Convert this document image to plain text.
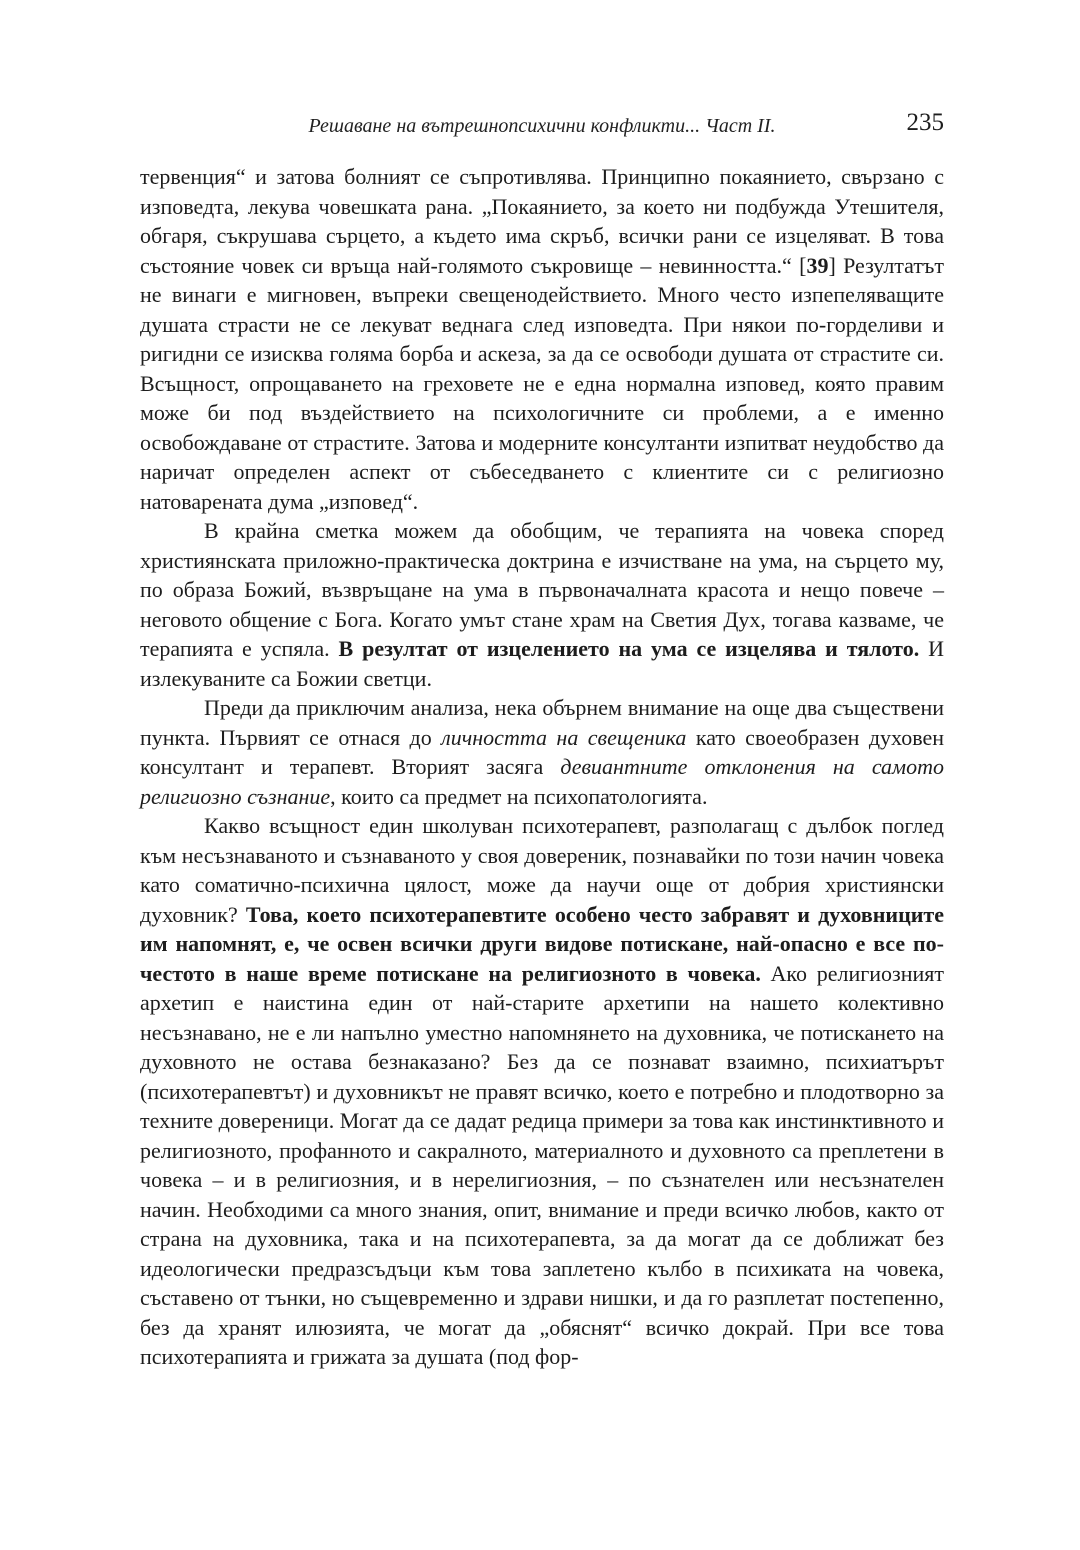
Решаване на вътрешнопсихични конфликти... Част II.	235

тервенция“ и затова болният се съпротивлява. Принципно покаянието, свързано с изповедта, лекува човешката рана. „Покаянието, за което ни подбужда Утешителя, обгаря, съкрушава сърцето, а където има скръб, всички рани се изцеляват. В това състояние човек си връща най-голямото съкровище – невинността.“ [39] Резултатът не винаги е мигновен, въпреки свещенодействието. Много често изпепеляващите душата страсти не се лекуват веднага след изповедта. При някои по-горделиви и ригидни се изисква голяма борба и аскеза, за да се освободи душата от страстите си. Всъщност, опрощаването на греховете не е една нормална изповед, която правим може би под въздействието на психологичните си проблеми, а е именно освобождаване от страстите. Затова и модерните консултанти изпитват неудобство да наричат определен аспект от събеседването с клиентите си с религиозно натоварената дума „изповед“.

В крайна сметка можем да обобщим, че терапията на човека според християнската приложно-практическа доктрина е изчистване на ума, на сърцето му, по образа Божий, възвръщане на ума в първоначалната красота и нещо повече – неговото общение с Бога. Когато умът стане храм на Светия Дух, тогава казваме, че терапията е успяла. В резултат от изцелението на ума се изцелява и тялото. И излекуваните са Божии светци.

Преди да приключим анализа, нека обърнем внимание на още два съществени пункта. Първият се отнася до личността на свещеника като своеобразен духовен консултант и терапевт. Вторият засяга девиантните отклонения на самото религиозно съзнание, които са предмет на психопатологията.

Какво всъщност един школуван психотерапевт, разполагащ с дълбок поглед към несъзнаваното и съзнаваното у своя довереник, познавайки по този начин човека като соматично-психична цялост, може да научи още от добрия християнски духовник? Това, което психотерапевтите особено често забравят и духовниците им напомнят, е, че освен всички други видове потискане, най-опасно е все по-честото в наше време потискане на религиозното в човека. Ако религиозният архетип е наистина един от най-старите архетипи на нашето колективно несъзнавано, не е ли напълно уместно напомнянето на духовника, че потискането на духовното не остава безнаказано? Без да се познават взаимно, психиатърът (психотерапевтът) и духовникът не правят всичко, което е потребно и плодотворно за техните довереници. Могат да се дадат редица примери за това как инстинктивното и религиозното, профанното и сакралното, материалното и духовното са преплетени в човека – и в религиозния, и в нерелигиозния, – по съзнателен или несъзнателен начин. Необходими са много знания, опит, внимание и преди всичко любов, както от страна на духовника, така и на психотерапевта, за да могат да се доближат без идеологически предразсъдъци към това заплетено кълбо в психиката на човека, съставено от тънки, но същевременно и здрави нишки, и да го разплетат постепенно, без да хранят илюзията, че могат да „обяснят“ всичко докрай. При все това психотерапията и грижата за душата (под фор-
